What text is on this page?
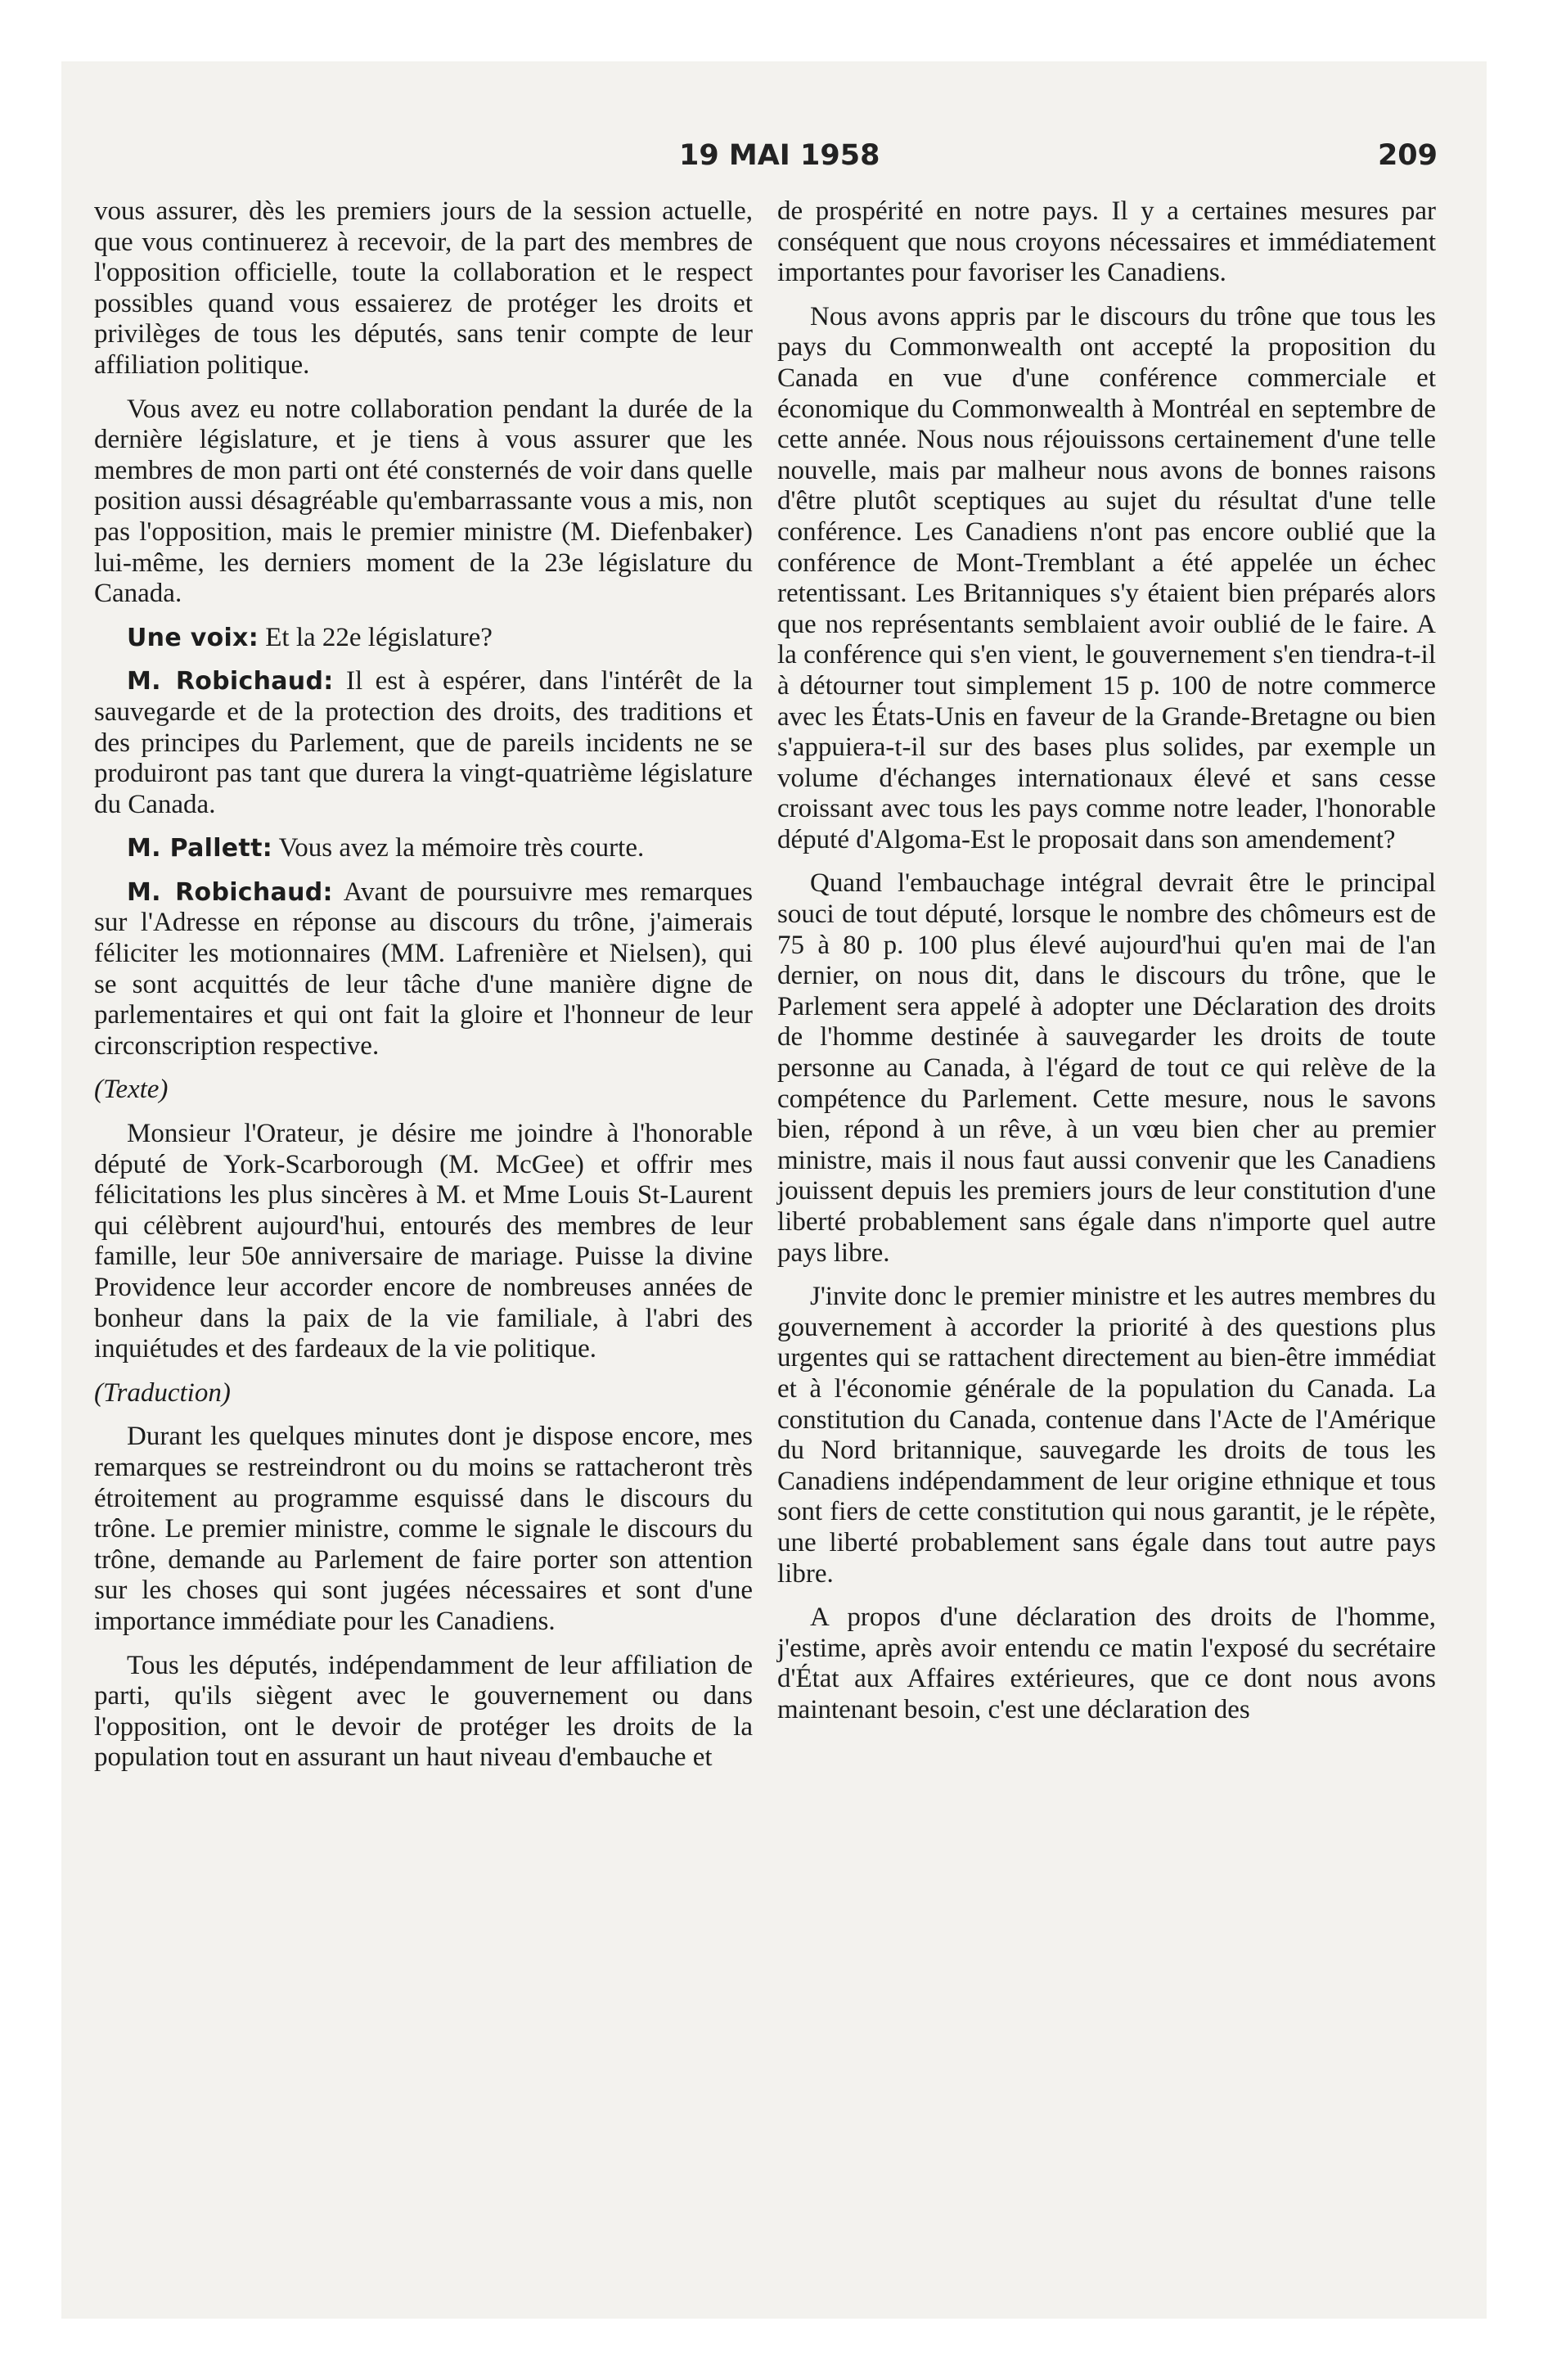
19 MAI 1958	209

vous assurer, dès les premiers jours de la session actuelle, que vous continuerez à recevoir, de la part des membres de l'opposition officielle, toute la collaboration et le respect possibles quand vous essaierez de protéger les droits et privilèges de tous les députés, sans tenir compte de leur affiliation politique.

Vous avez eu notre collaboration pendant la durée de la dernière législature, et je tiens à vous assurer que les membres de mon parti ont été consternés de voir dans quelle position aussi désagréable qu'embarrassante vous a mis, non pas l'opposition, mais le premier ministre (M. Diefenbaker) lui-même, les derniers moment de la 23e législature du Canada.

Une voix: Et la 22e législature?

M. Robichaud: Il est à espérer, dans l'intérêt de la sauvegarde et de la protection des droits, des traditions et des principes du Parlement, que de pareils incidents ne se produiront pas tant que durera la vingt-quatrième législature du Canada.

M. Pallett: Vous avez la mémoire très courte.

M. Robichaud: Avant de poursuivre mes remarques sur l'Adresse en réponse au discours du trône, j'aimerais féliciter les motionnaires (MM. Lafrenière et Nielsen), qui se sont acquittés de leur tâche d'une manière digne de parlementaires et qui ont fait la gloire et l'honneur de leur circonscription respective.

(Texte)

Monsieur l'Orateur, je désire me joindre à l'honorable député de York-Scarborough (M. McGee) et offrir mes félicitations les plus sincères à M. et Mme Louis St-Laurent qui célèbrent aujourd'hui, entourés des membres de leur famille, leur 50e anniversaire de mariage. Puisse la divine Providence leur accorder encore de nombreuses années de bonheur dans la paix de la vie familiale, à l'abri des inquiétudes et des fardeaux de la vie politique.

(Traduction)

Durant les quelques minutes dont je dispose encore, mes remarques se restreindront ou du moins se rattacheront très étroitement au programme esquissé dans le discours du trône. Le premier ministre, comme le signale le discours du trône, demande au Parlement de faire porter son attention sur les choses qui sont jugées nécessaires et sont d'une importance immédiate pour les Canadiens.

Tous les députés, indépendamment de leur affiliation de parti, qu'ils siègent avec le gouvernement ou dans l'opposition, ont le devoir de protéger les droits de la population tout en assurant un haut niveau d'embauche et

de prospérité en notre pays. Il y a certaines mesures par conséquent que nous croyons nécessaires et immédiatement importantes pour favoriser les Canadiens.

Nous avons appris par le discours du trône que tous les pays du Commonwealth ont accepté la proposition du Canada en vue d'une conférence commerciale et économique du Commonwealth à Montréal en septembre de cette année. Nous nous réjouissons certainement d'une telle nouvelle, mais par malheur nous avons de bonnes raisons d'être plutôt sceptiques au sujet du résultat d'une telle conférence. Les Canadiens n'ont pas encore oublié que la conférence de Mont-Tremblant a été appelée un échec retentissant. Les Britanniques s'y étaient bien préparés alors que nos représentants semblaient avoir oublié de le faire. A la conférence qui s'en vient, le gouvernement s'en tiendra-t-il à détourner tout simplement 15 p. 100 de notre commerce avec les États-Unis en faveur de la Grande-Bretagne ou bien s'appuiera-t-il sur des bases plus solides, par exemple un volume d'échanges internationaux élevé et sans cesse croissant avec tous les pays comme notre leader, l'honorable député d'Algoma-Est le proposait dans son amendement?

Quand l'embauchage intégral devrait être le principal souci de tout député, lorsque le nombre des chômeurs est de 75 à 80 p. 100 plus élevé aujourd'hui qu'en mai de l'an dernier, on nous dit, dans le discours du trône, que le Parlement sera appelé à adopter une Déclaration des droits de l'homme destinée à sauvegarder les droits de toute personne au Canada, à l'égard de tout ce qui relève de la compétence du Parlement. Cette mesure, nous le savons bien, répond à un rêve, à un vœu bien cher au premier ministre, mais il nous faut aussi convenir que les Canadiens jouissent depuis les premiers jours de leur constitution d'une liberté probablement sans égale dans n'importe quel autre pays libre.

J'invite donc le premier ministre et les autres membres du gouvernement à accorder la priorité à des questions plus urgentes qui se rattachent directement au bien-être immédiat et à l'économie générale de la population du Canada. La constitution du Canada, contenue dans l'Acte de l'Amérique du Nord britannique, sauvegarde les droits de tous les Canadiens indépendamment de leur origine ethnique et tous sont fiers de cette constitution qui nous garantit, je le répète, une liberté probablement sans égale dans tout autre pays libre.

A propos d'une déclaration des droits de l'homme, j'estime, après avoir entendu ce matin l'exposé du secrétaire d'État aux Affaires extérieures, que ce dont nous avons maintenant besoin, c'est une déclaration des
